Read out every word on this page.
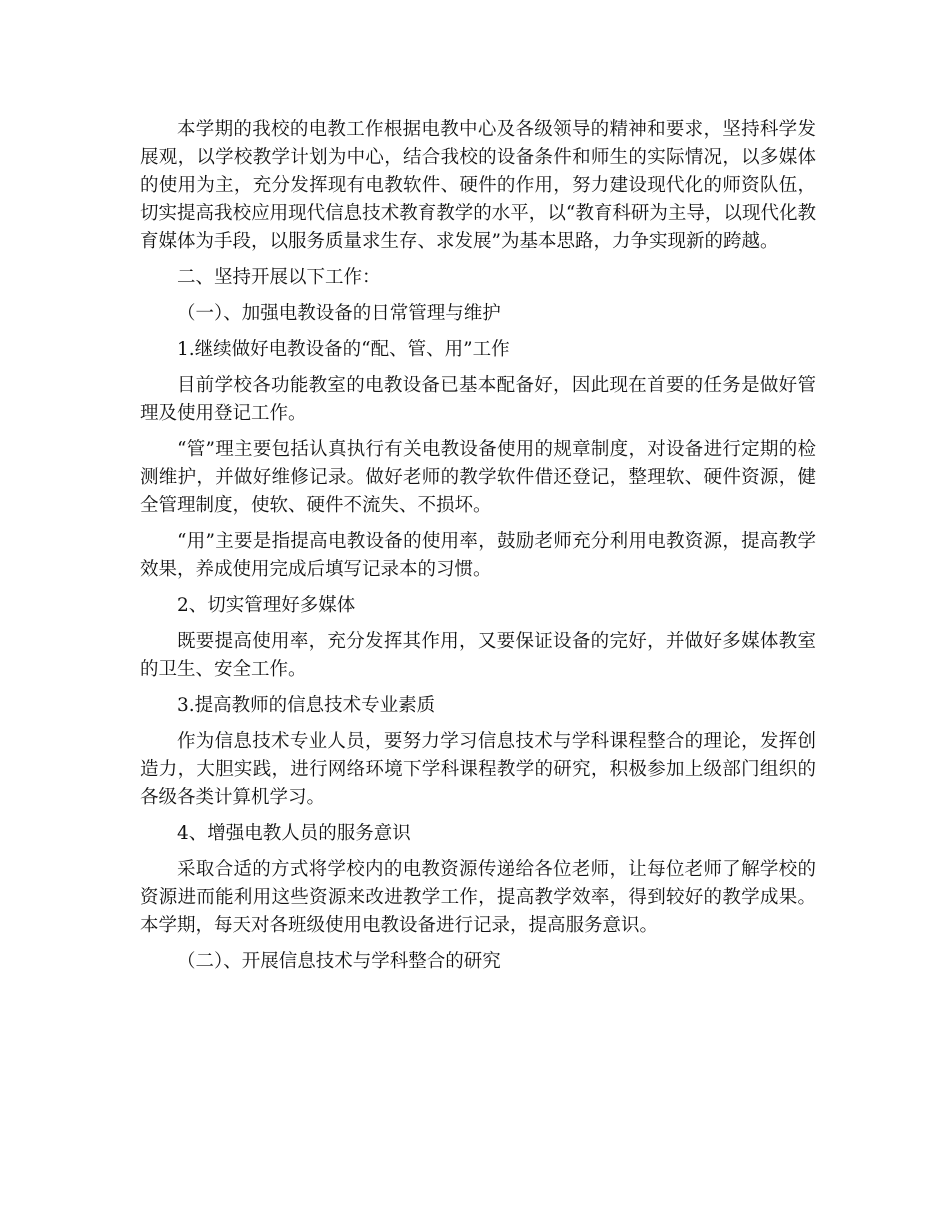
本学期的我校的电教工作根据电教中心及各级领导的精神和要求，坚持科学发展观，以学校教学计划为中心，结合我校的设备条件和师生的实际情况，以多媒体的使用为主，充分发挥现有电教软件、硬件的作用，努力建设现代化的师资队伍，切实提高我校应用现代信息技术教育教学的水平，以“教育科研为主导，以现代化教育媒体为手段，以服务质量求生存、求发展”为基本思路，力争实现新的跨越。

二、坚持开展以下工作：

（一）、加强电教设备的日常管理与维护

1.继续做好电教设备的“配、管、用”工作

目前学校各功能教室的电教设备已基本配备好，因此现在首要的任务是做好管理及使用登记工作。

“管”理主要包括认真执行有关电教设备使用的规章制度，对设备进行定期的检测维护，并做好维修记录。做好老师的教学软件借还登记，整理软、硬件资源，健全管理制度，使软、硬件不流失、不损坏。

“用”主要是指提高电教设备的使用率，鼓励老师充分利用电教资源，提高教学效果，养成使用完成后填写记录本的习惯。

2、切实管理好多媒体

既要提高使用率，充分发挥其作用，又要保证设备的完好，并做好多媒体教室的卫生、安全工作。

3.提高教师的信息技术专业素质

作为信息技术专业人员，要努力学习信息技术与学科课程整合的理论，发挥创造力，大胆实践，进行网络环境下学科课程教学的研究，积极参加上级部门组织的各级各类计算机学习。

4、增强电教人员的服务意识

采取合适的方式将学校内的电教资源传递给各位老师，让每位老师了解学校的资源进而能利用这些资源来改进教学工作，提高教学效率，得到较好的教学成果。本学期，每天对各班级使用电教设备进行记录，提高服务意识。

（二）、开展信息技术与学科整合的研究
